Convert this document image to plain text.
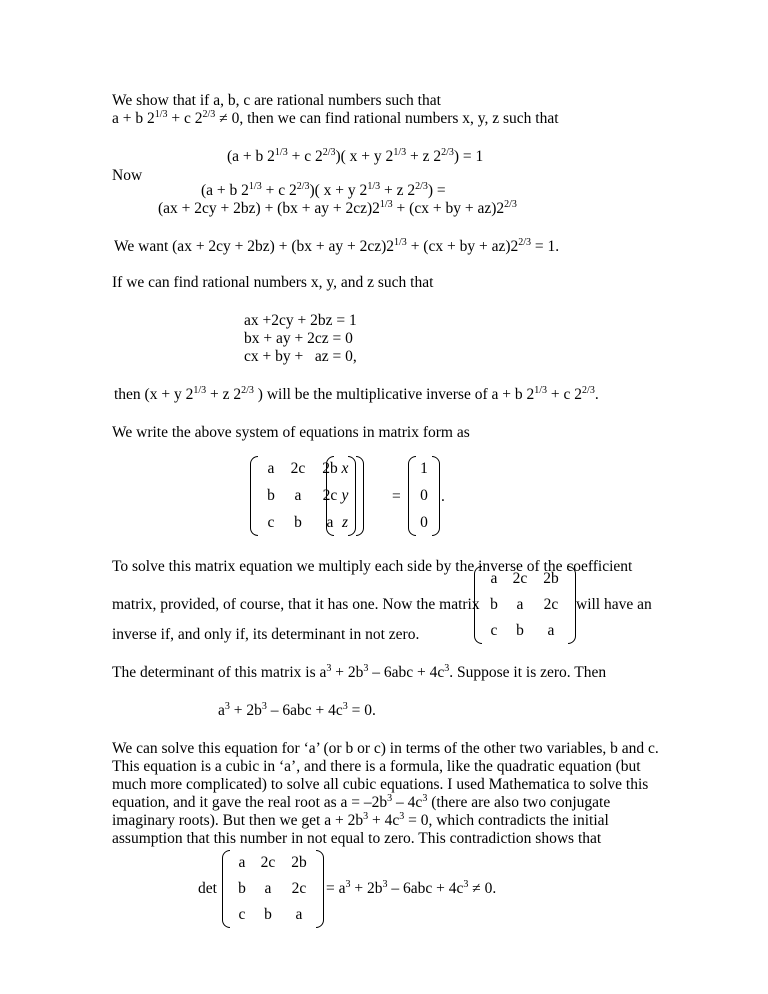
We show that if a, b, c are rational numbers such that
a + b $2^{1/3} + c$ $2^{2/3} \ne 0$, then we can find rational numbers x, y, z such that
(a + b $2^{1/3} + c$ $2^{2/3}$)( x + y $2^{1/3} + z$ $2^{2/3}) = 1$
Now
(a + b $2^{1/3} + c$ $2^{2/3}$)( x + y $2^{1/3} + z$ $2^{2/3}$) =
(ax + 2cy + 2bz) + (bx + ay + $2cz)2^{1/3} + (cx$ + by + $az)2^{2/3}$
We want (ax + 2cy + 2bz) + (bx + ay + $2cz)2^{1/3} + (cx$ + by + $az)2^{2/3} = 1$.
If we can find rational numbers x, y, and z such that
ax +2cy + 2bz = 1
bx + ay + 2cz = 0
cx + by +   az = 0,
then (x + y $2^{1/3} + z$ $2^{2/3}$ ) will be the multiplicative inverse of a + b $2^{1/3} + c$ $2^{2/3}$.
We write the above system of equations in matrix form as
a	2c	2b
b	a	2c
c	b	a
x
y
z
=
1
0
0
.
To solve this matrix equation we multiply each side by the inverse of the coefficient
matrix, provided, of course, that it has one. Now the matrix
a 2c	2b
b	a	2c
c	b	a
will have an
inverse if, and only if, its determinant in not zero.
The determinant of this matrix is $a^3 + 2b^3 - 6abc + 4c^3$. Suppose it is zero. Then
$a^3 + 2b^3 - 6abc + 4c^3 = 0$.
We can solve this equation for ‘a’ (or b or c) in terms of the other two variables, b and c.
This equation is a cubic in ‘a’, and there is a formula, like the quadratic equation (but
much more complicated) to solve all cubic equations. I used Mathematica to solve this
equation, and it gave the real root as $a = -2b^3 - 4c^3$ (there are also two conjugate
imaginary roots). But then we get $a + 2b^3 + 4c^3 = 0$, which contradicts the initial
assumption that this number in not equal to zero. This contradiction shows that
det
a 2c	2b
b	a	2c
c	b	a
= $a^3 + 2b^3 - 6abc + 4c^3 \ne 0$.
